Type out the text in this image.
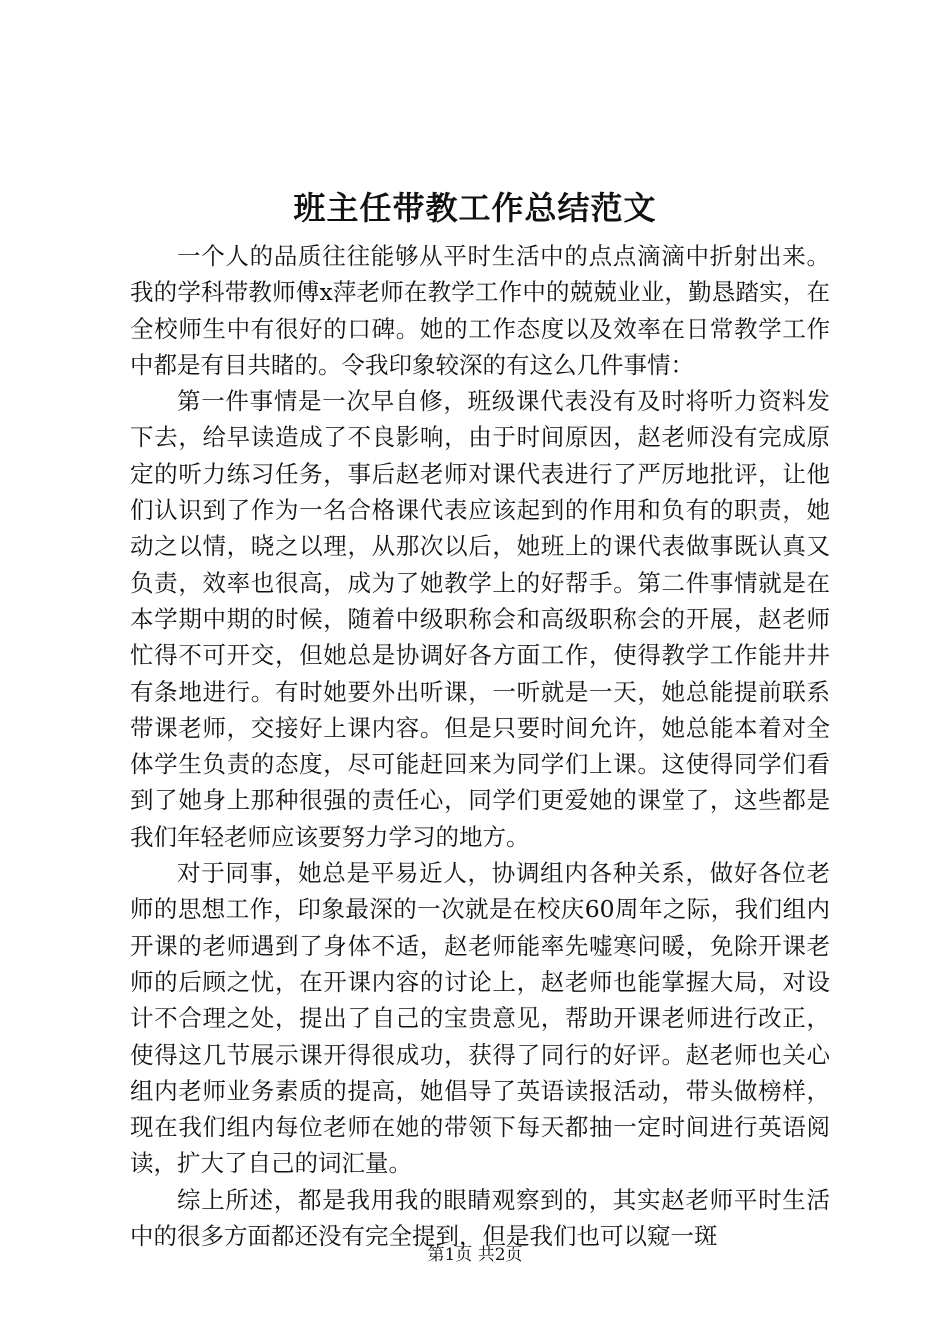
班主任带教工作总结范文

一个人的品质往往能够从平时生活中的点点滴滴中折射出来。我的学科带教师傅x萍老师在教学工作中的兢兢业业，勤恳踏实，在全校师生中有很好的口碑。她的工作态度以及效率在日常教学工作中都是有目共睹的。令我印象较深的有这么几件事情：

第一件事情是一次早自修，班级课代表没有及时将听力资料发下去，给早读造成了不良影响，由于时间原因，赵老师没有完成原定的听力练习任务，事后赵老师对课代表进行了严厉地批评，让他们认识到了作为一名合格课代表应该起到的作用和负有的职责，她动之以情，晓之以理，从那次以后，她班上的课代表做事既认真又负责，效率也很高，成为了她教学上的好帮手。第二件事情就是在本学期中期的时候，随着中级职称会和高级职称会的开展，赵老师忙得不可开交，但她总是协调好各方面工作，使得教学工作能井井有条地进行。有时她要外出听课，一听就是一天，她总能提前联系带课老师，交接好上课内容。但是只要时间允许，她总能本着对全体学生负责的态度，尽可能赶回来为同学们上课。这使得同学们看到了她身上那种很强的责任心，同学们更爱她的课堂了，这些都是我们年轻老师应该要努力学习的地方。

对于同事，她总是平易近人，协调组内各种关系，做好各位老师的思想工作，印象最深的一次就是在校庆60周年之际，我们组内开课的老师遇到了身体不适，赵老师能率先嘘寒问暖，免除开课老师的后顾之忧，在开课内容的讨论上，赵老师也能掌握大局，对设计不合理之处，提出了自己的宝贵意见，帮助开课老师进行改正，使得这几节展示课开得很成功，获得了同行的好评。赵老师也关心组内老师业务素质的提高，她倡导了英语读报活动，带头做榜样，现在我们组内每位老师在她的带领下每天都抽一定时间进行英语阅读，扩大了自己的词汇量。

综上所述，都是我用我的眼睛观察到的，其实赵老师平时生活中的很多方面都还没有完全提到，但是我们也可以窥一斑

第1页 共2页
